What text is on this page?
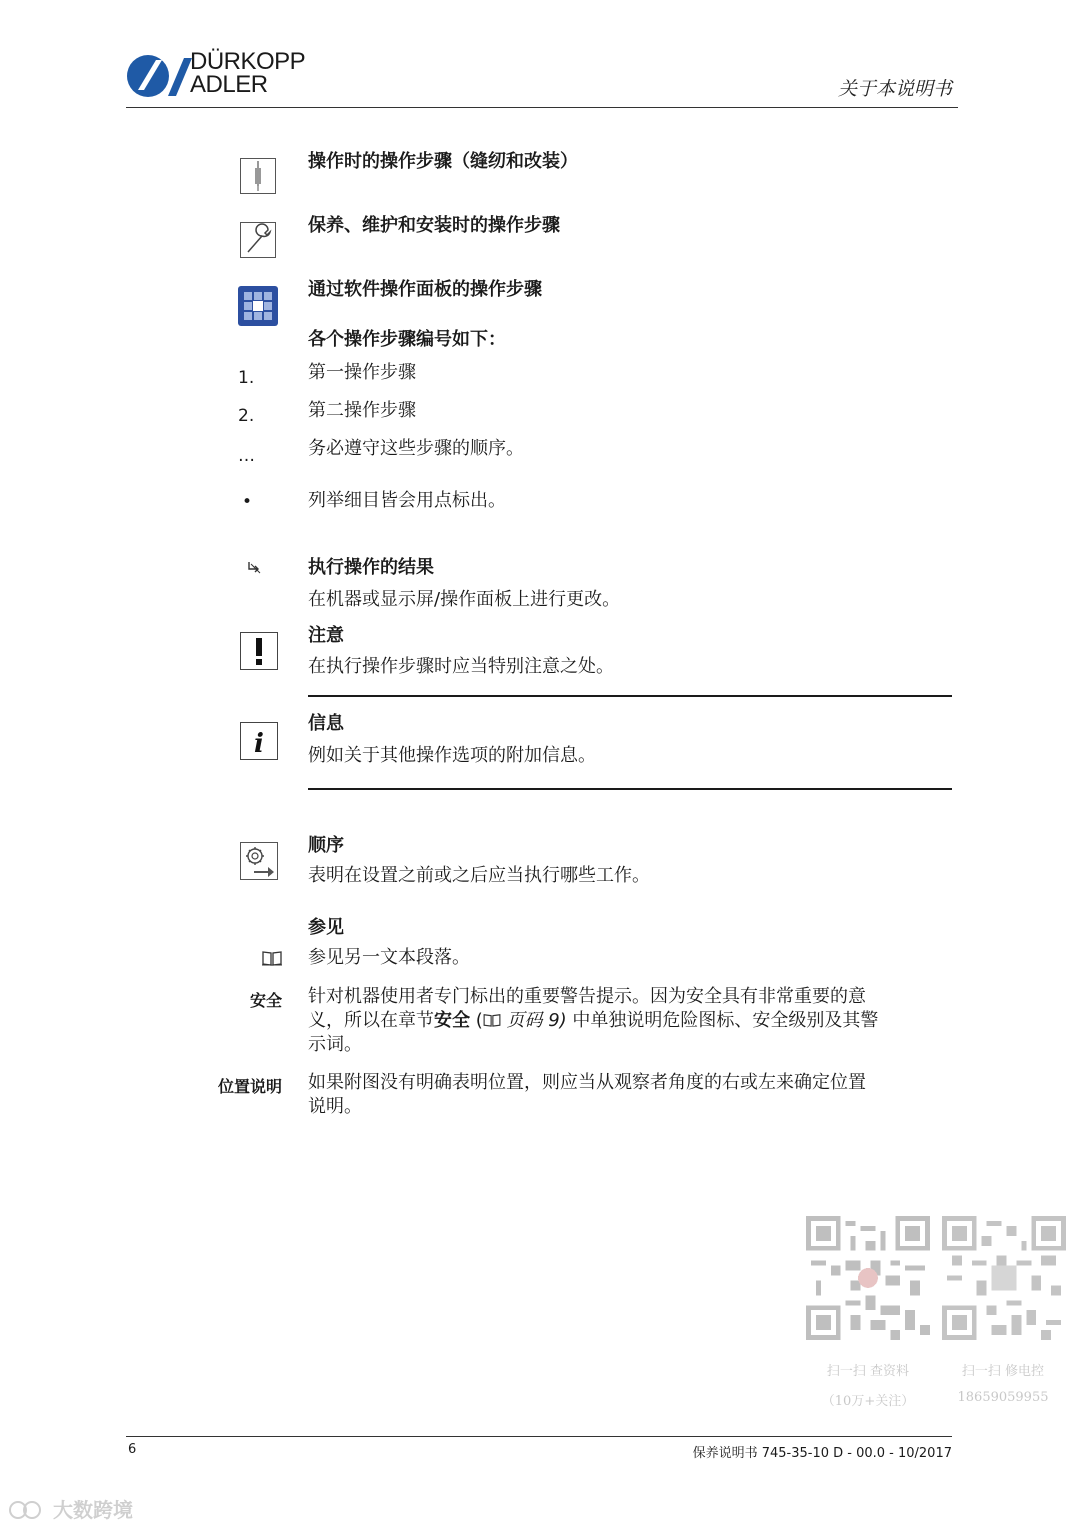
DÜRKOPP
ADLER	关于本说明书
操作时的操作步骤（缝纫和改装）
保养、维护和安装时的操作步骤
通过软件操作面板的操作步骤
各个操作步骤编号如下：
1.	第一操作步骤
2.	第二操作步骤
…	务必遵守这些步骤的顺序。
•	列举细目皆会用点标出。
执行操作的结果
在机器或显示屏/操作面板上进行更改。
注意
在执行操作步骤时应当特别注意之处。
i
信息
例如关于其他操作选项的附加信息。
顺序
表明在设置之前或之后应当执行哪些工作。
参见
参见另一文本段落。
安全 针对机器使用者专门标出的重要警告提示。因为安全具有非常重要的意
义，所以在章节安全 ( 页码 9) 中单独说明危险图标、安全级别及其警
示词。
位置说明 如果附图没有明确表明位置，则应当从观察者角度的右或左来确定位置
说明。
扫一扫 查资料
（10万+关注）
扫一扫 修电控
18659059955
6	保养说明书 745-35-10 D - 00.0 - 10/2017
大数跨境
